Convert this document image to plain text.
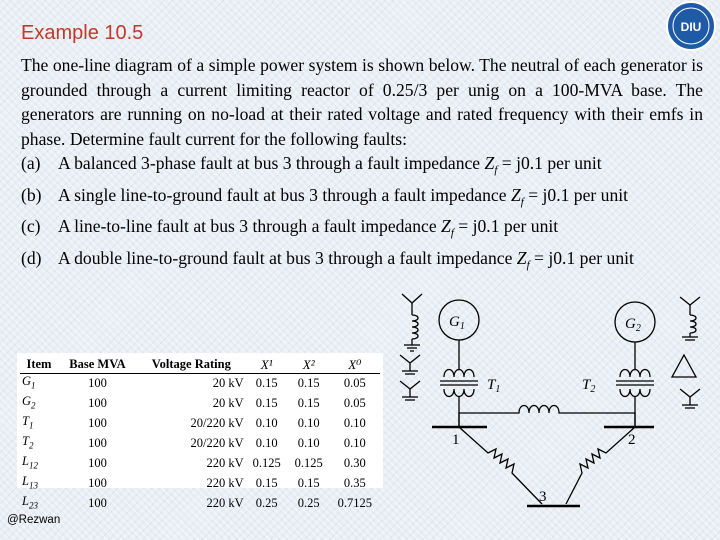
Example 10.5	DIU

The one-line diagram of a simple power system is shown below. The neutral of each generator is grounded through a current limiting reactor of 0.25/3 per unig on a 100-MVA base. The generators are running on no-load at their rated voltage and rated frequency with their emfs in phase. Determine fault current for the following faults:

(a) A balanced 3-phase fault at bus 3 through a fault impedance $Z_f = j0.1$ per unit
(b) A single line-to-ground fault at bus 3 through a fault impedance $Z_f = j0.1$ per unit
(c) A line-to-line fault at bus 3 through a fault impedance $Z_f = j0.1$ per unit
(d) A double line-to-ground fault at bus 3 through a fault impedance $Z_f = j0.1$ per unit
Item	Base MVA	Voltage Rating	X¹	X²	X⁰
$G_1$	100	20 kV	0.15	0.15	0.05
$G_2$	100	20 kV	0.15	0.15	0.05
$T_1$	100	20/220 kV	0.10	0.10	0.10
$T_2$	100	20/220 kV	0.10	0.10	0.10
$L_{12}$	100	220 kV	0.125	0.125	0.30
$L_{13}$	100	220 kV	0.15	0.15	0.35
$L_{23}$	100	220 kV	0.25	0.25	0.7125
$G_1$	$G_2$
$T_1$	$T_2$
1	2
3
@Rezwan
